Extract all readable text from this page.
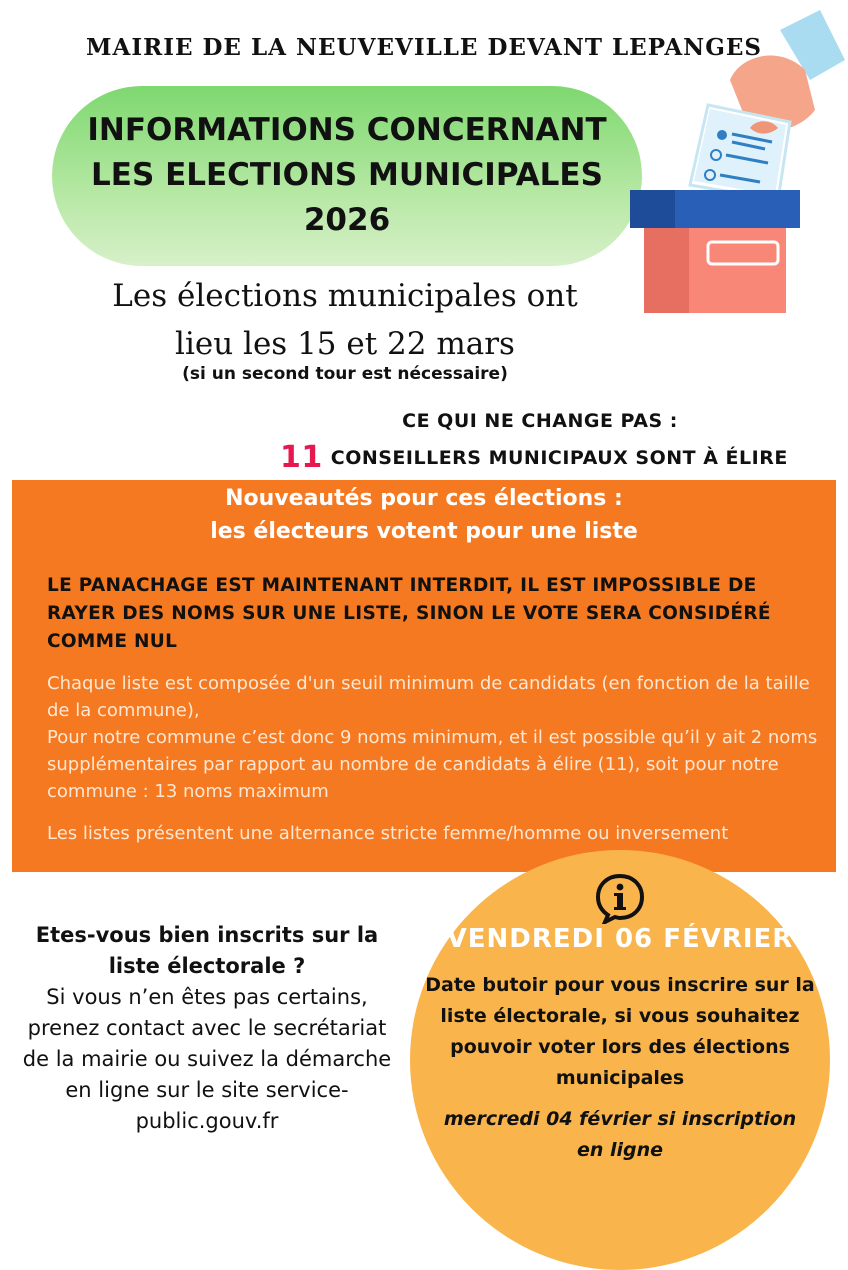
MAIRIE DE LA NEUVEVILLE DEVANT LEPANGES
INFORMATIONS CONCERNANT
LES ELECTIONS MUNICIPALES
2026
Les élections municipales ont
lieu les 15 et 22 mars
(si un second tour est nécessaire)
CE QUI NE CHANGE PAS :
11 CONSEILLERS MUNICIPAUX SONT À ÉLIRE
Nouveautés pour ces élections :
les électeurs votent pour une liste
LE PANACHAGE EST MAINTENANT INTERDIT, IL EST IMPOSSIBLE DE RAYER DES NOMS SUR UNE LISTE, SINON LE VOTE SERA CONSIDÉRÉ COMME NUL
Chaque liste est composée d'un seuil minimum de candidats (en fonction de la taille de la commune),
Pour notre commune c’est donc 9 noms minimum, et il est possible qu’il y ait 2 noms supplémentaires par rapport au nombre de candidats à élire (11), soit pour notre commune : 13 noms maximum
Les listes présentent une alternance stricte femme/homme ou inversement
VENDREDI 06 FÉVRIER
Date butoir pour vous inscrire sur la liste électorale, si vous souhaitez pouvoir voter lors des élections municipales
mercredi 04 février si inscription en ligne
Etes-vous bien inscrits sur la liste électorale ?
Si vous n’en êtes pas certains, prenez contact avec le secrétariat de la mairie ou suivez la démarche en ligne sur le site service-public.gouv.fr
